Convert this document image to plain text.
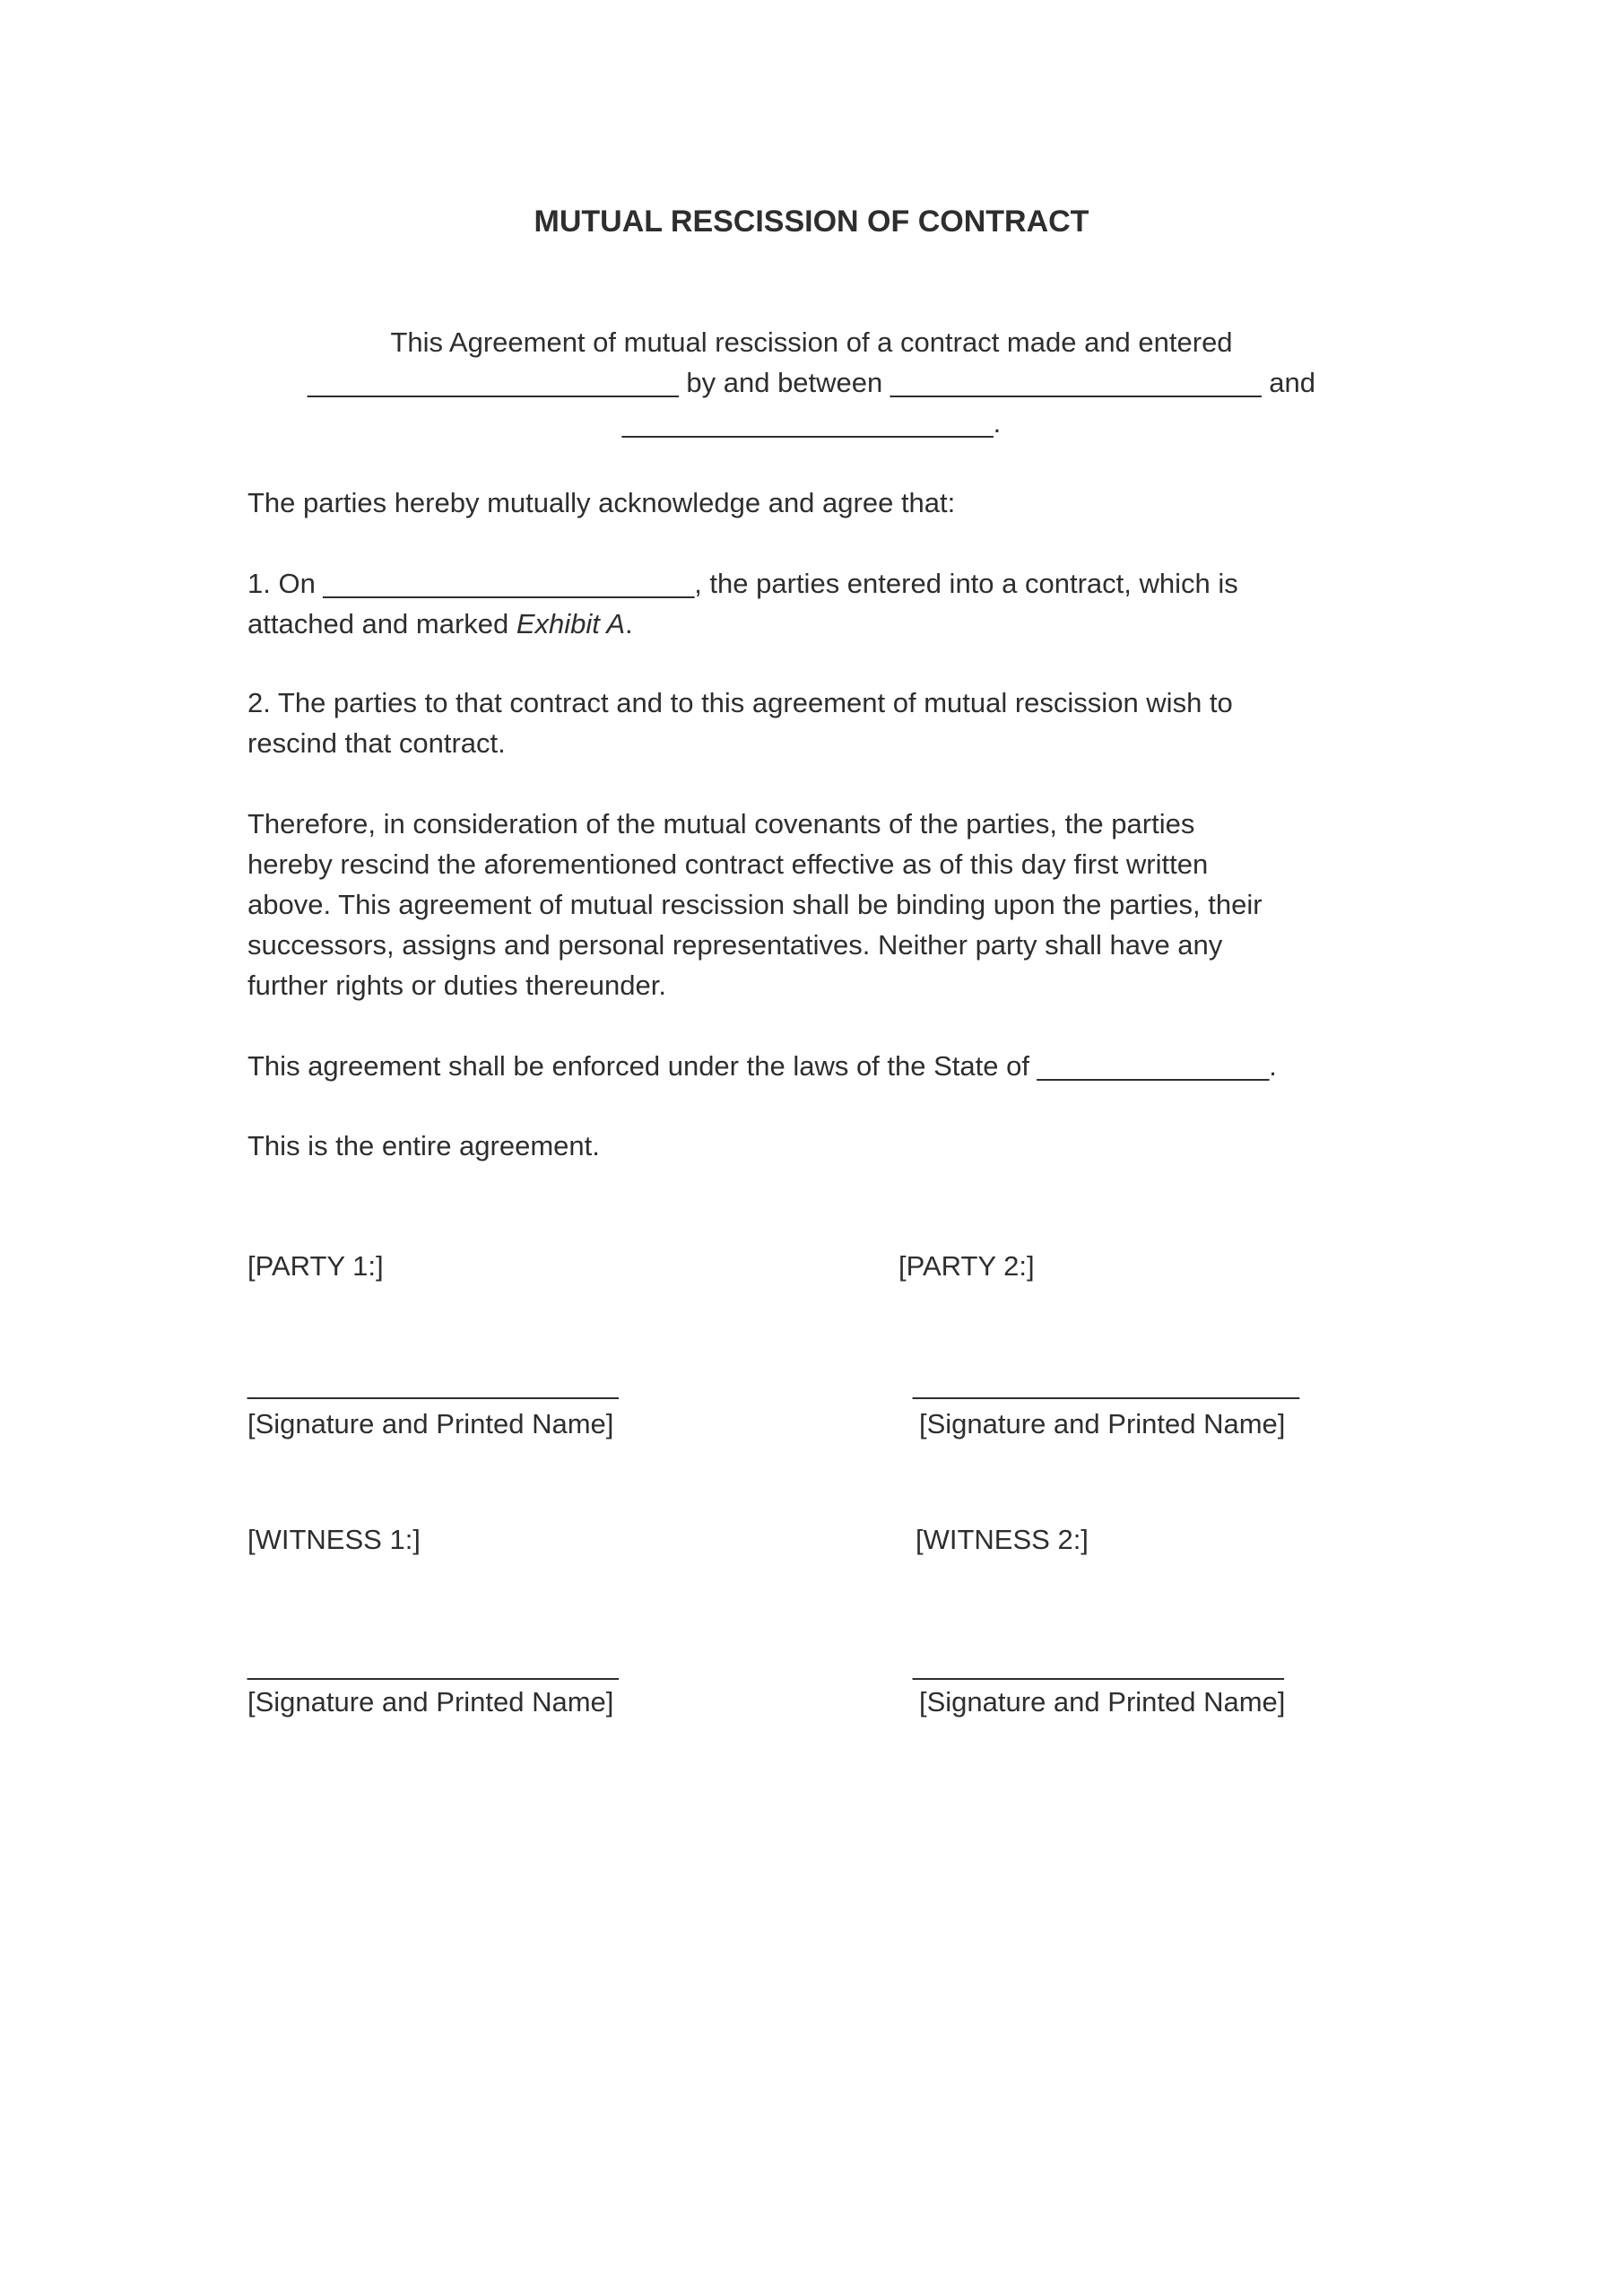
MUTUAL RESCISSION OF CONTRACT
This Agreement of mutual rescission of a contract made and entered
________________________ by and between ________________________ and
________________________.
The parties hereby mutually acknowledge and agree that:
1. On ________________________, the parties entered into a contract, which is
attached and marked Exhibit A.
2. The parties to that contract and to this agreement of mutual rescission wish to
rescind that contract.
Therefore, in consideration of the mutual covenants of the parties, the parties
hereby rescind the aforementioned contract effective as of this day first written
above. This agreement of mutual rescission shall be binding upon the parties, their
successors, assigns and personal representatives. Neither party shall have any
further rights or duties thereunder.
This agreement shall be enforced under the laws of the State of _______________.
This is the entire agreement.
[PARTY 1:]	[PARTY 2:]
________________________	_________________________
[Signature and Printed Name]	[Signature and Printed Name]
[WITNESS 1:]	[WITNESS 2:]
________________________	________________________
[Signature and Printed Name]	[Signature and Printed Name]
